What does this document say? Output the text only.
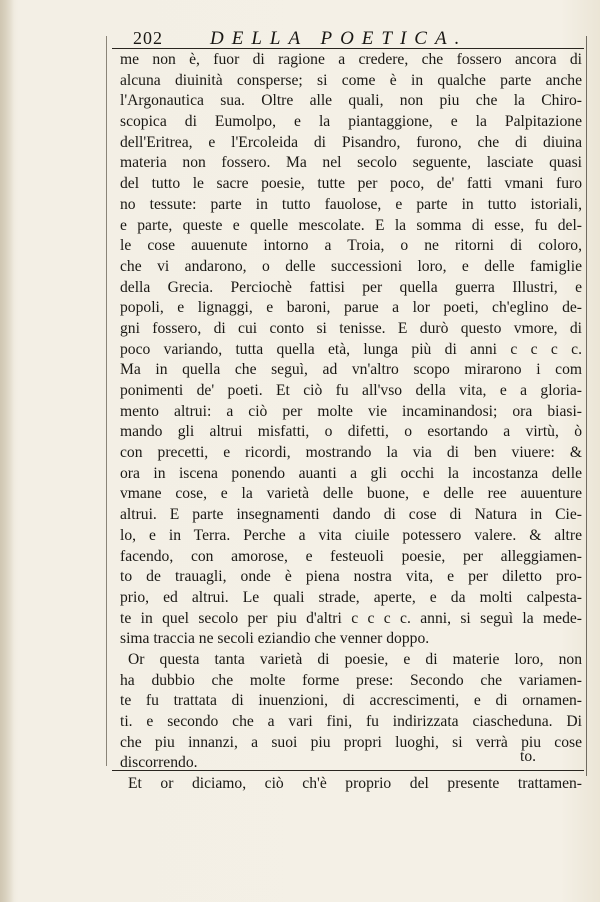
202 DELLA POETICA.
me non è, fuor di ragione a credere, che fossero ancora di
alcuna diuinità consperse; si come è in qualche parte anche
l'Argonautica sua. Oltre alle quali, non piu che la Chiro-
scopica di Eumolpo, e la piantaggione, e la Palpitazione
dell'Eritrea, e l'Ercoleida di Pisandro, furono, che di diuina
materia non fossero. Ma nel secolo seguente, lasciate quasi
del tutto le sacre poesie, tutte per poco, de' fatti vmani furo
no tessute: parte in tutto fauolose, e parte in tutto istoriali,
e parte, queste e quelle mescolate. E la somma di esse, fu del-
le cose auuenute intorno a Troia, o ne ritorni di coloro,
che vi andarono, o delle successioni loro, e delle famiglie
della Grecia. Perciochè fattisi per quella guerra Illustri, e
popoli, e lignaggi, e baroni, parue a lor poeti, ch'eglino de-
gni fossero, di cui conto si tenisse. E durò questo vmore, di
poco variando, tutta quella età, lunga più di anni c c c c.
Ma in quella che seguì, ad vn'altro scopo mirarono i com
ponimenti de' poeti. Et ciò fu all'vso della vita, e a gloria-
mento altrui: a ciò per molte vie incaminandosi; ora biasi-
mando gli altrui misfatti, o difetti, o esortando a virtù, ò
con precetti, e ricordi, mostrando la via di ben viuere: &
ora in iscena ponendo auanti a gli occhi la incostanza delle
vmane cose, e la varietà delle buone, e delle ree auuenture
altrui. E parte insegnamenti dando di cose di Natura in Cie-
lo, e in Terra. Perche a vita ciuile potessero valere. & altre
facendo, con amorose, e festeuoli poesie, per alleggiamen-
to de trauagli, onde è piena nostra vita, e per diletto pro-
prio, ed altrui. Le quali strade, aperte, e da molti calpesta-
te in quel secolo per piu d'altri c c c c. anni, si seguì la mede-
sima traccia ne secoli eziandio che venner doppo.
Or questa tanta varietà di poesie, e di materie loro, non
ha dubbio che molte forme prese: Secondo che variamen-
te fu trattata di inuenzioni, di accrescimenti, e di ornamen-
ti. e secondo che a vari fini, fu indirizzata ciascheduna. Di
che piu innanzi, a suoi piu propri luoghi, si verrà piu cose
discorrendo.
Et or diciamo, ciò ch'è proprio del presente trattamen-
to.
